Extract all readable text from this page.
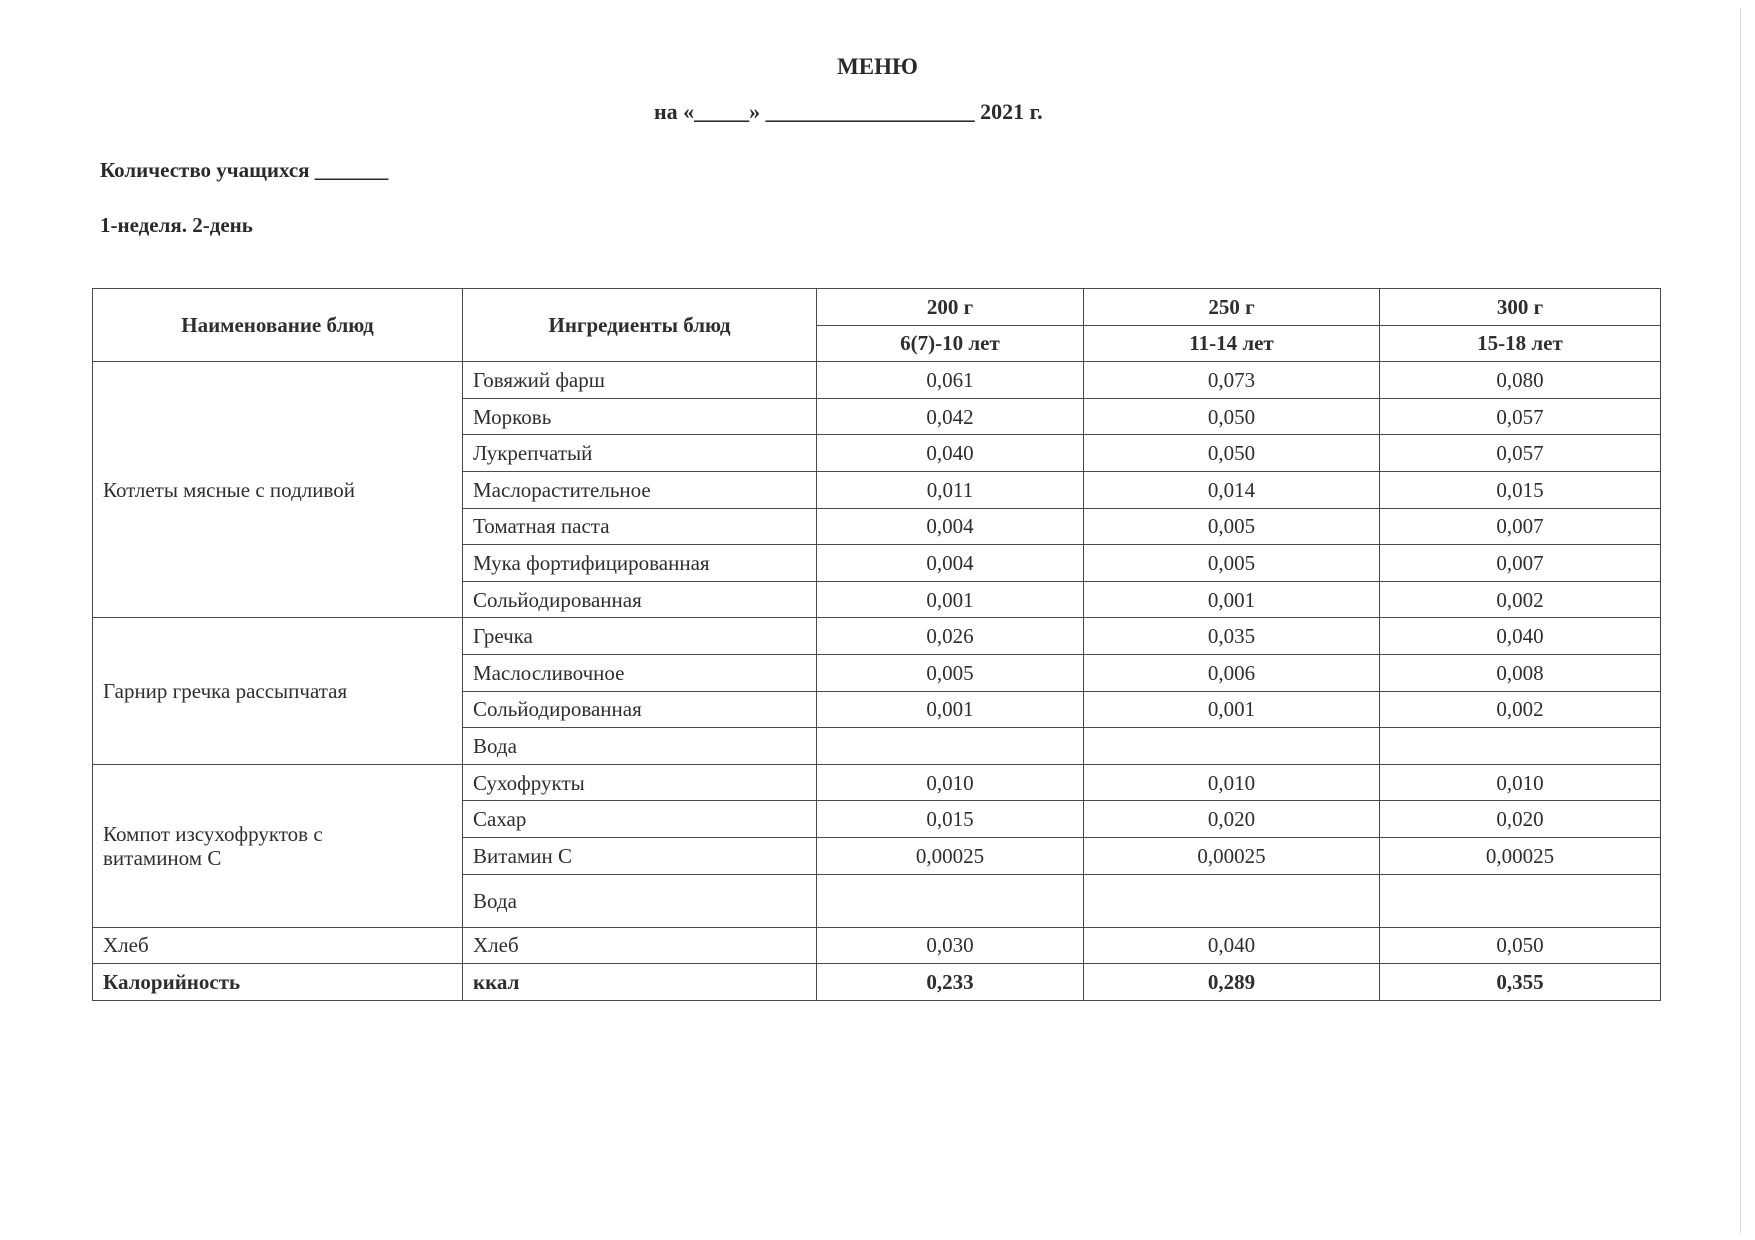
МЕНЮ
на «_____» ___________________ 2021 г.
Количество учащихся _______
1-неделя. 2-день
Наименование блюд	Ингредиенты блюд	200 г	250 г	300 г
		6(7)-10 лет	11-14 лет	15-18 лет
Котлеты мясные с подливой	Говяжий фарш	0,061	0,073	0,080
	Морковь	0,042	0,050	0,057
	Лукрепчатый	0,040	0,050	0,057
	Маслорастительное	0,011	0,014	0,015
	Томатная паста	0,004	0,005	0,007
	Мука фортифицированная	0,004	0,005	0,007
	Сольйодированная	0,001	0,001	0,002
Гарнир гречка рассыпчатая	Гречка	0,026	0,035	0,040
	Маслосливочное	0,005	0,006	0,008
	Сольйодированная	0,001	0,001	0,002
	Вода			

Компот изсухофруктов с
витамином С	Сухофрукты	0,010	0,010	0,010
	Сахар	0,015	0,020	0,020
	Витамин С	0,00025	0,00025	0,00025
	Вода			
Хлеб	Хлеб	0,030	0,040	0,050
Калорийность	ккал	0,233	0,289	0,355
